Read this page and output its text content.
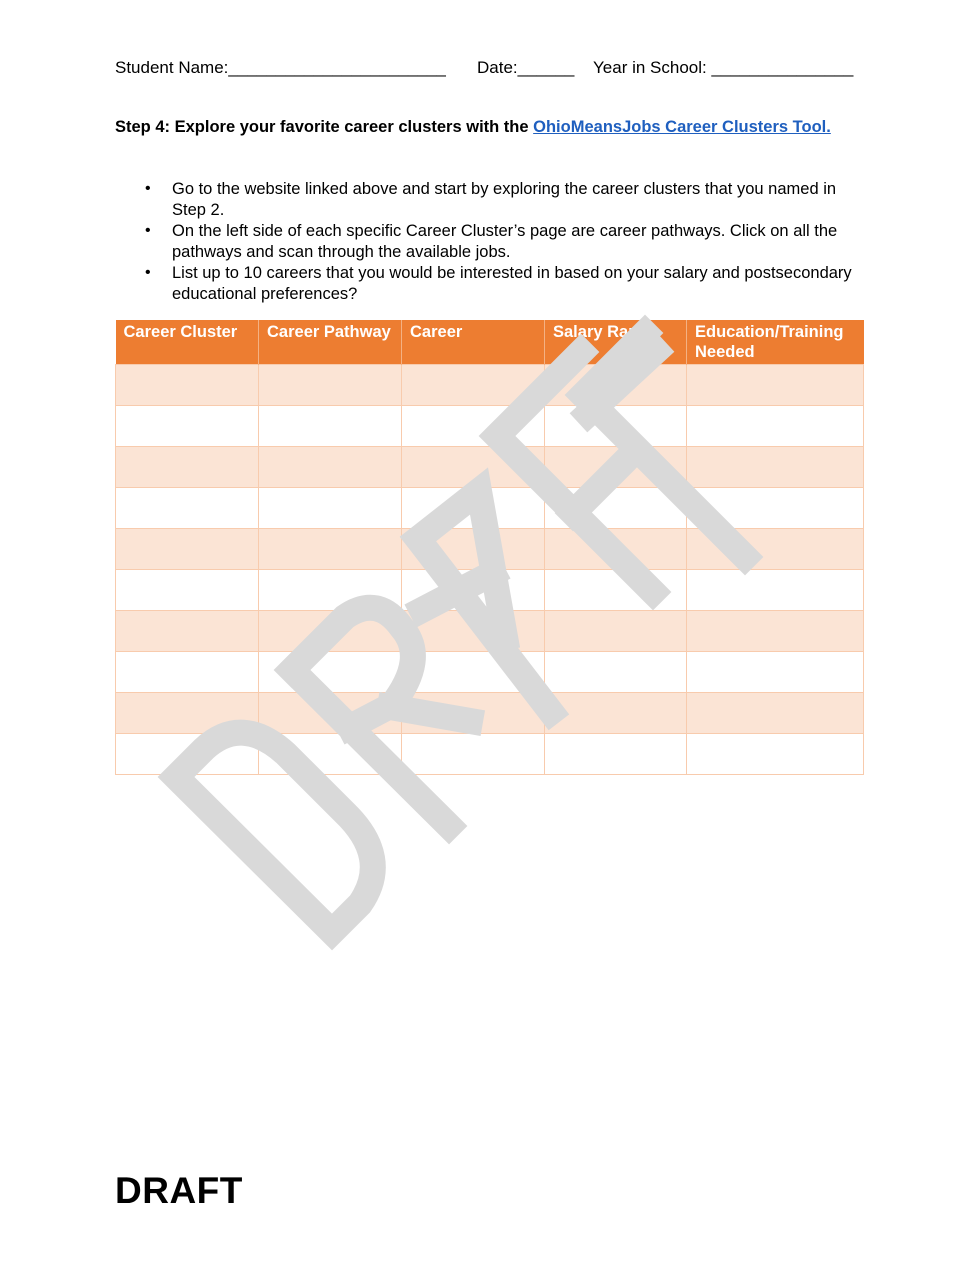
Student Name:_______________________ Date:______ Year in School: _______________
Step 4: Explore your favorite career clusters with the OhioMeansJobs Career Clusters Tool.
• Go to the website linked above and start by exploring the career clusters that you named in Step 2.
• On the left side of each specific Career Cluster’s page are career pathways. Click on all the pathways and scan through the available jobs.
• List up to 10 careers that you would be interested in based on your salary and postsecondary educational preferences?
Career Cluster	Career Pathway	Career	Salary Range	Education/Training Needed

DRAFT
